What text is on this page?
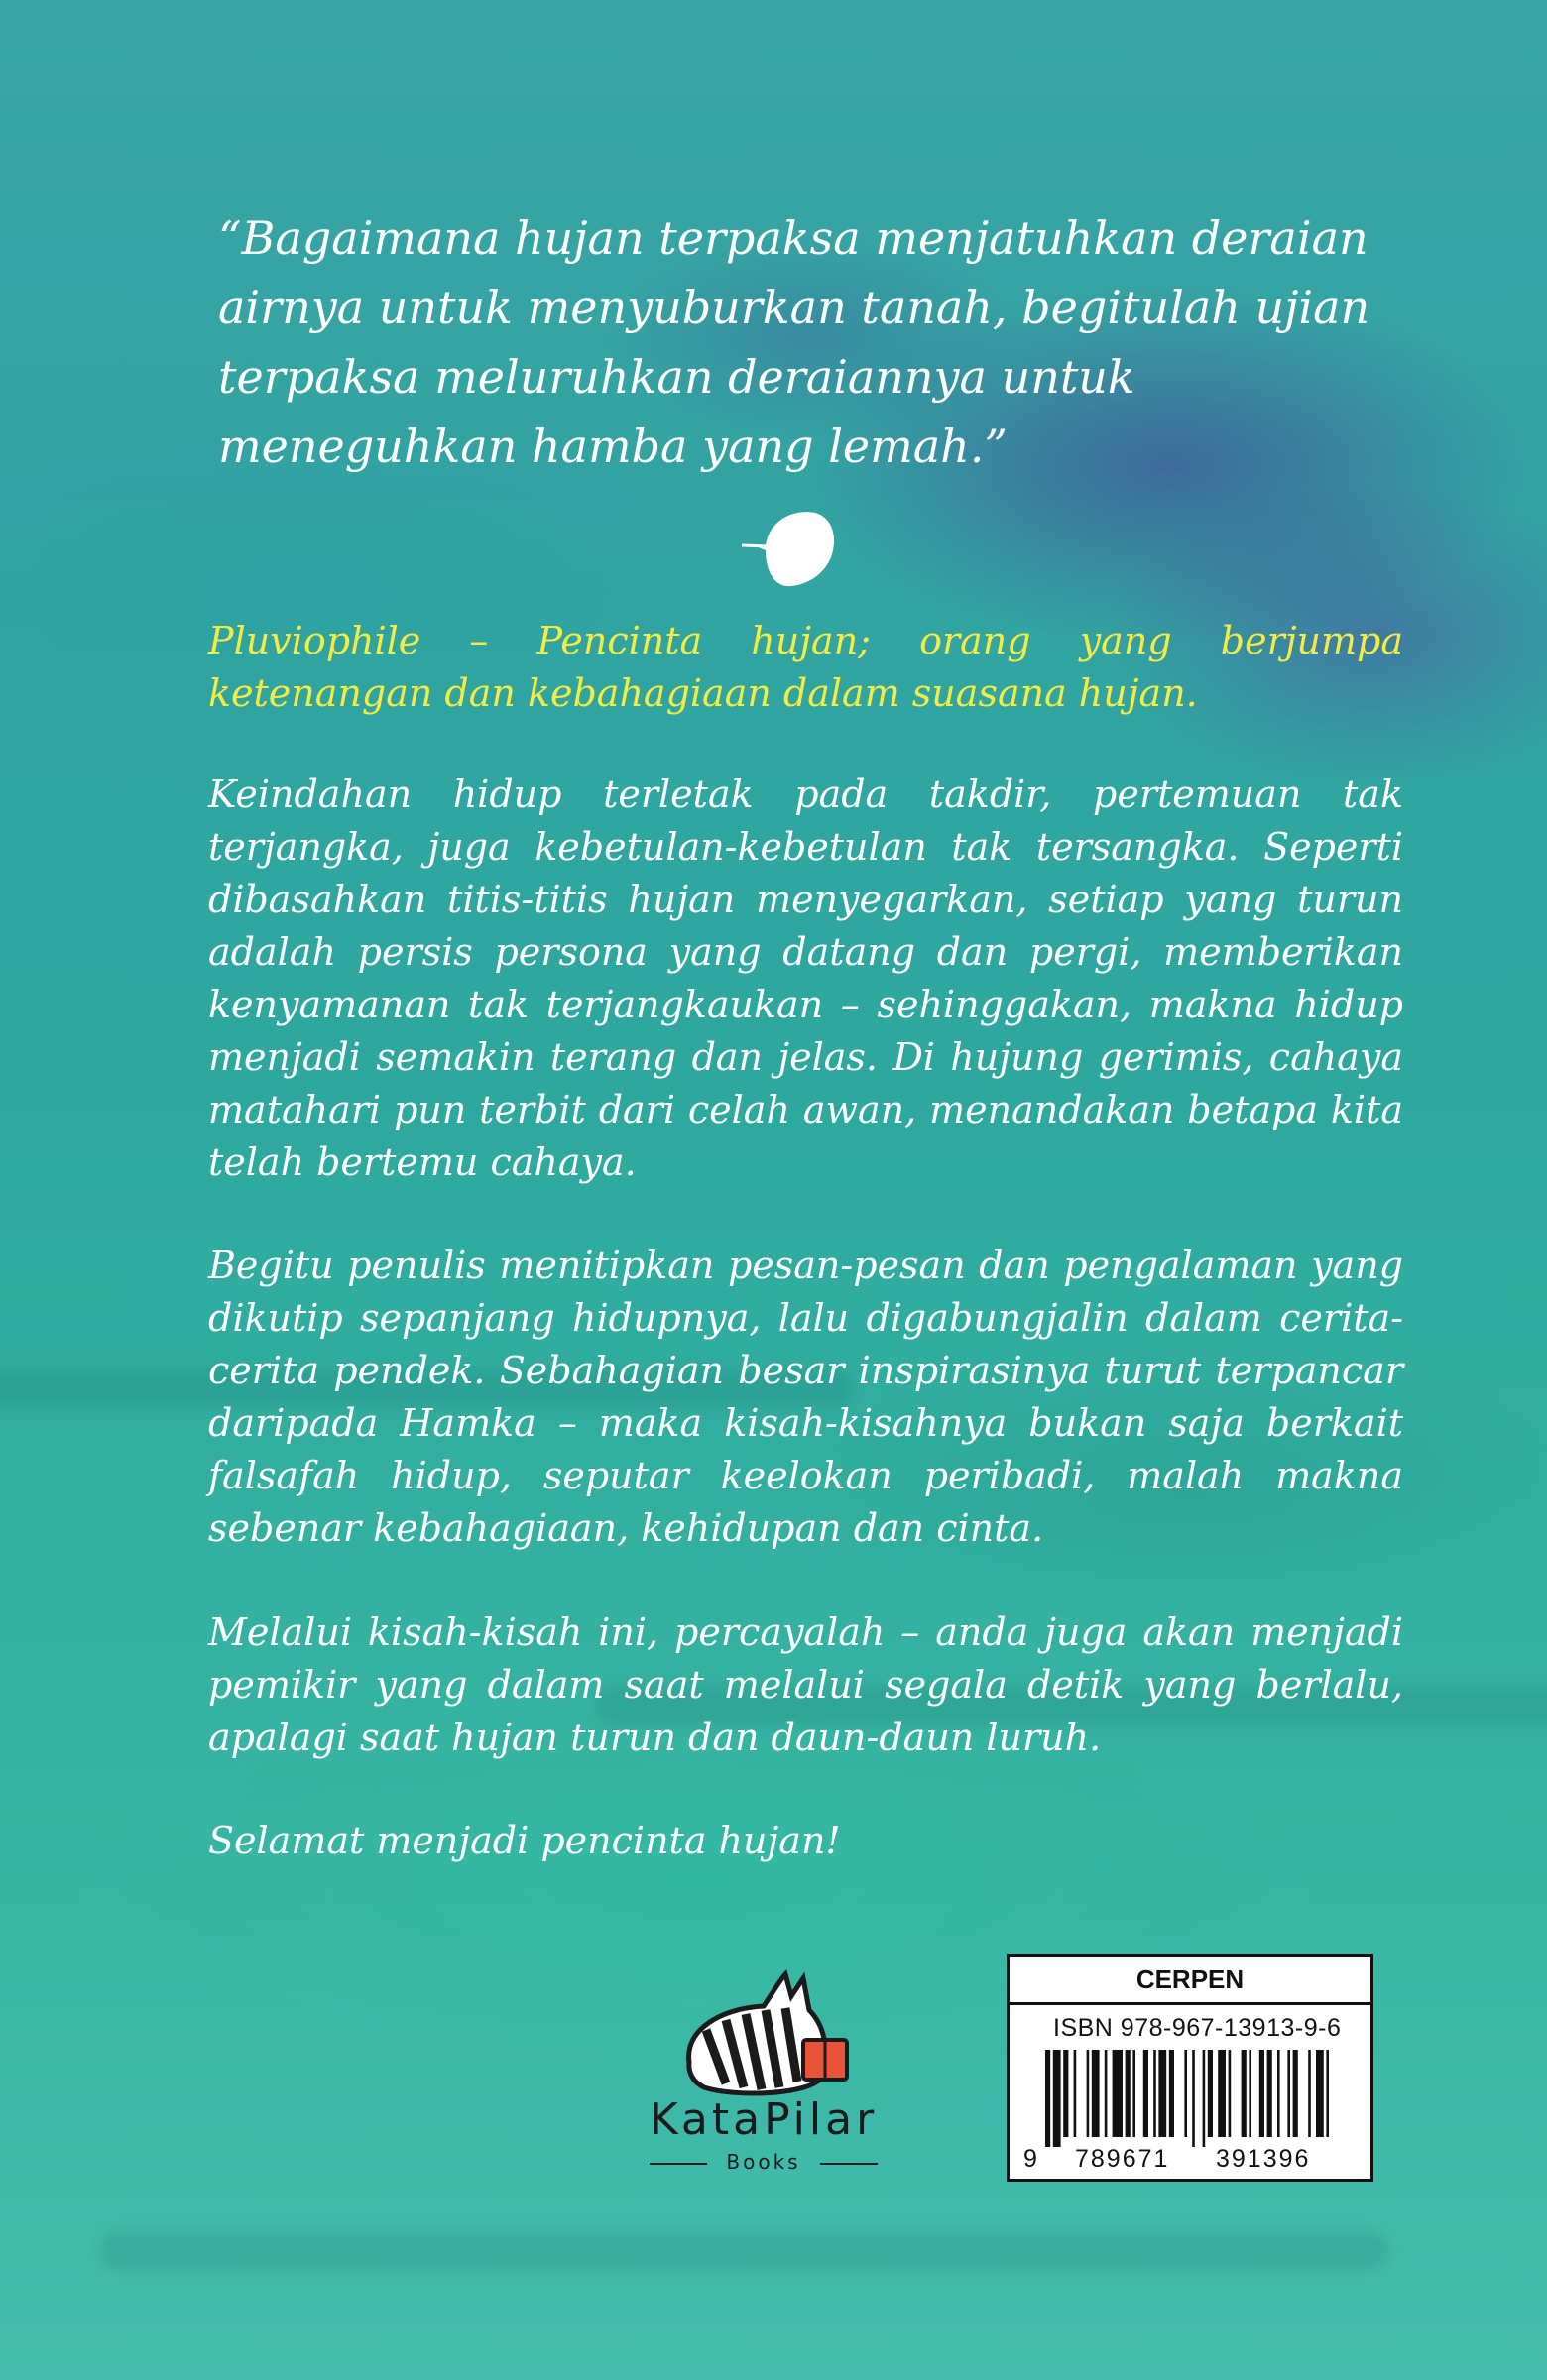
“Bagaimana hujan terpaksa menjatuhkan deraian airnya untuk menyuburkan tanah, begitulah ujian terpaksa meluruhkan deraiannya untuk meneguhkan hamba yang lemah.”

Pluviophile – Pencinta hujan; orang yang berjumpa ketenangan dan kebahagiaan dalam suasana hujan.

Keindahan hidup terletak pada takdir, pertemuan tak terjangka, juga kebetulan-kebetulan tak tersangka. Seperti dibasahkan titis-titis hujan menyegarkan, setiap yang turun adalah persis persona yang datang dan pergi, memberikan kenyamanan tak terjangkaukan – sehinggakan, makna hidup menjadi semakin terang dan jelas. Di hujung gerimis, cahaya matahari pun terbit dari celah awan, menandakan betapa kita telah bertemu cahaya.

Begitu penulis menitipkan pesan-pesan dan pengalaman yang dikutip sepanjang hidupnya, lalu digabungjalin dalam cerita-cerita pendek. Sebahagian besar inspirasinya turut terpancar daripada Hamka – maka kisah-kisahnya bukan saja berkait falsafah hidup, seputar keelokan peribadi, malah makna sebenar kebahagiaan, kehidupan dan cinta.

Melalui kisah-kisah ini, percayalah – anda juga akan menjadi pemikir yang dalam saat melalui segala detik yang berlalu, apalagi saat hujan turun dan daun-daun luruh.

Selamat menjadi pencinta hujan!

KataPilar

Books
CERPEN
ISBN 978-967-13913-9-6
9 789671 391396
